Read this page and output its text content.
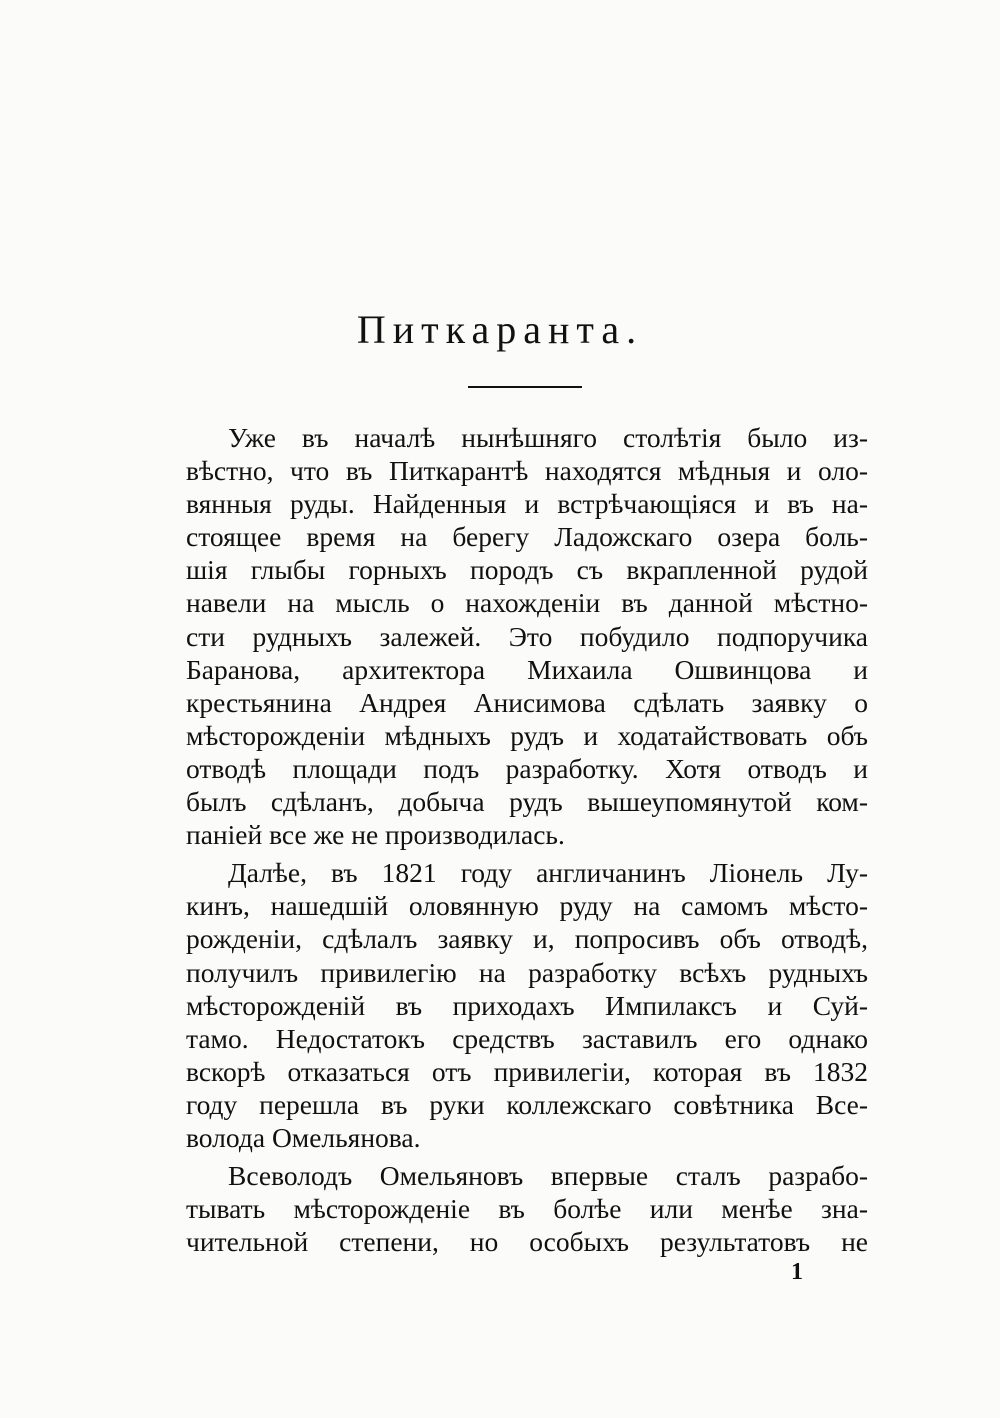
Питкаранта.

Уже въ началѣ нынѣшняго столѣтія было из-
вѣстно, что въ Питкарантѣ находятся мѣдныя и оло-
вянныя руды. Найденныя и встрѣчающіяся и въ на-
стоящее время на берегу Ладожскаго озера боль-
шія глыбы горныхъ породъ съ вкрапленной рудой
навели на мысль о нахожденіи въ данной мѣстно-
сти рудныхъ залежей. Это побудило подпоручика
Баранова, архитектора Михаила Ошвинцова и
крестьянина Андрея Анисимова сдѣлать заявку о
мѣсторожденіи мѣдныхъ рудъ и ходатайствовать объ
отводѣ площади подъ разработку. Хотя отводъ и
былъ сдѣланъ, добыча рудъ вышеупомянутой ком-
паніей все же не производилась.

Далѣе, въ 1821 году англичанинъ Ліонель Лу-
кинъ, нашедшій оловянную руду на самомъ мѣсто-
рожденіи, сдѣлалъ заявку и, попросивъ объ отводѣ,
получилъ привилегію на разработку всѣхъ рудныхъ
мѣсторожденій въ приходахъ Импилаксъ и Суй-
тамо. Недостатокъ средствъ заставилъ его однако
вскорѣ отказаться отъ привилегіи, которая въ 1832
году перешла въ руки коллежскаго совѣтника Все-
волода Омельянова.

Всеволодъ Омельяновъ впервые сталъ разрабо-
тывать мѣсторожденіе въ болѣе или менѣе зна-
чительной степени, но особыхъ результатовъ не

1
